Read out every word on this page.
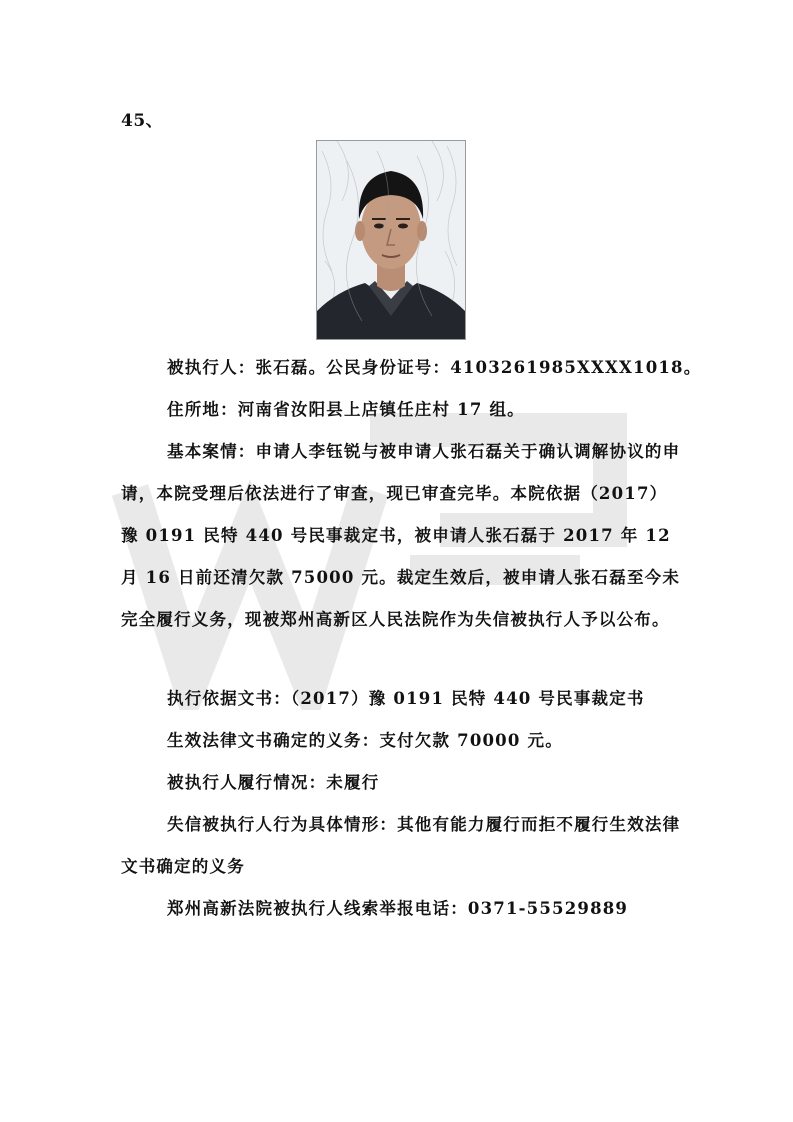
45、
被执行人：张石磊。公民身份证号：4103261985XXXX1018。
住所地：河南省汝阳县上店镇任庄村 17 组。

基本案情：申请人李钰锐与被申请人张石磊关于确认调解协议的申请，本院受理后依法进行了审查，现已审查完毕。本院依据（2017）豫 0191 民特 440 号民事裁定书，被申请人张石磊于 2017 年 12 月 16 日前还清欠款 75000 元。裁定生效后，被申请人张石磊至今未完全履行义务，现被郑州高新区人民法院作为失信被执行人予以公布。

执行依据文书：（2017）豫 0191 民特 440 号民事裁定书
生效法律文书确定的义务：支付欠款 70000 元。
被执行人履行情况：未履行

失信被执行人行为具体情形：其他有能力履行而拒不履行生效法律文书确定的义务

郑州高新法院被执行人线索举报电话：0371-55529889
